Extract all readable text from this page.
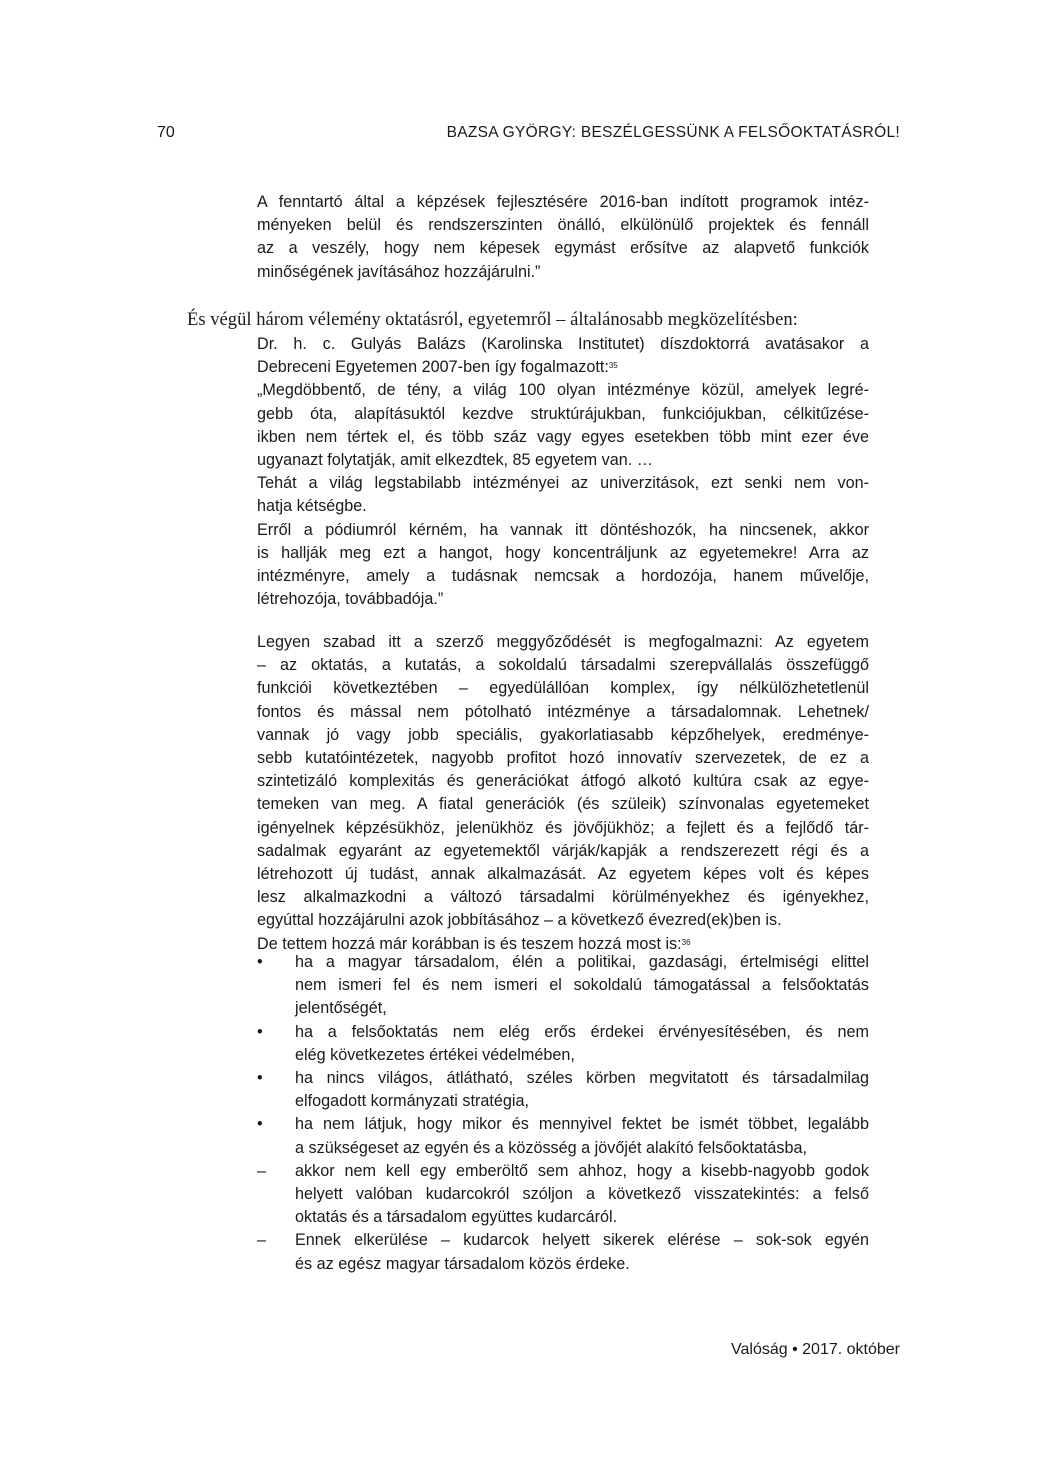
70	BAZSA GYÖRGY: BESZÉLGESSÜNK A FELSŐOKTATÁSRÓL!
A fenntartó által a képzések fejlesztésére 2016-ban indított programok intéz-
ményeken belül és rendszerszinten önálló, elkülönülő projektek és fennáll
az a veszély, hogy nem képesek egymást erősítve az alapvető funkciók
minőségének javításához hozzájárulni.”
És végül három vélemény oktatásról, egyetemről – általánosabb megközelítésben:
Dr. h. c. Gulyás Balázs (Karolinska Institutet) díszdoktorrá avatásakor a
Debreceni Egyetemen 2007-ben így fogalmazott:$^{35}$
„Megdöbbentő, de tény, a világ 100 olyan intézménye közül, amelyek legré-
gebb óta, alapításuktól kezdve struktúrájukban, funkciójukban, célkitűzése-
ikben nem tértek el, és több száz vagy egyes esetekben több mint ezer éve
ugyanazt folytatják, amit elkezdtek, 85 egyetem van. …
Tehát a világ legstabilabb intézményei az univerzitások, ezt senki nem von-
hatja kétségbe.
Erről a pódiumról kérném, ha vannak itt döntéshozók, ha nincsenek, akkor
is hallják meg ezt a hangot, hogy koncentráljunk az egyetemekre! Arra az
intézményre, amely a tudásnak nemcsak a hordozója, hanem művelője,
létrehozója, továbbadója.”
Legyen szabad itt a szerző meggyőződését is megfogalmazni: Az egyetem
– az oktatás, a kutatás, a sokoldalú társadalmi szerepvállalás összefüggő
funkciói következtében – egyedülállóan komplex, így nélkülözhetetlenül
fontos és mással nem pótolható intézménye a társadalomnak. Lehetnek/
vannak jó vagy jobb speciális, gyakorlatiasabb képzőhelyek, eredménye-
sebb kutatóintézetek, nagyobb profitot hozó innovatív szervezetek, de ez a
szintetizáló komplexitás és generációkat átfogó alkotó kultúra csak az egye-
temeken van meg. A fiatal generációk (és szüleik) színvonalas egyetemeket
igényelnek képzésükhöz, jelenükhöz és jövőjükhöz; a fejlett és a fejlődő tár-
sadalmak egyaránt az egyetemektől várják/kapják a rendszerezett régi és a
létrehozott új tudást, annak alkalmazását. Az egyetem képes volt és képes
lesz alkalmazkodni a változó társadalmi körülményekhez és igényekhez,
egyúttal hozzájárulni azok jobbításához – a következő évezred(ek)ben is.
De tettem hozzá már korábban is és teszem hozzá most is:$^{36}$
•	ha a magyar társadalom, élén a politikai, gazdasági, értelmiségi elittel
nem ismeri fel és nem ismeri el sokoldalú támogatással a felsőoktatás
jelentőségét,
•	ha a felsőoktatás nem elég erős érdekei érvényesítésében, és nem
elég következetes értékei védelmében,
•	ha nincs világos, átlátható, széles körben megvitatott és társadalmilag
elfogadott kormányzati stratégia,
•	ha nem látjuk, hogy mikor és mennyivel fektet be ismét többet, legalább
a szükségeset az egyén és a közösség a jövőjét alakító felsőoktatásba,
–	akkor nem kell egy emberöltő sem ahhoz, hogy a kisebb-nagyobb godok
helyett valóban kudarcokról szóljon a következő visszatekintés: a felső
oktatás és a társadalom együttes kudarcáról.
–	Ennek elkerülése – kudarcok helyett sikerek elérése – sok-sok egyén
és az egész magyar társadalom közös érdeke.
Valóság • 2017. október
